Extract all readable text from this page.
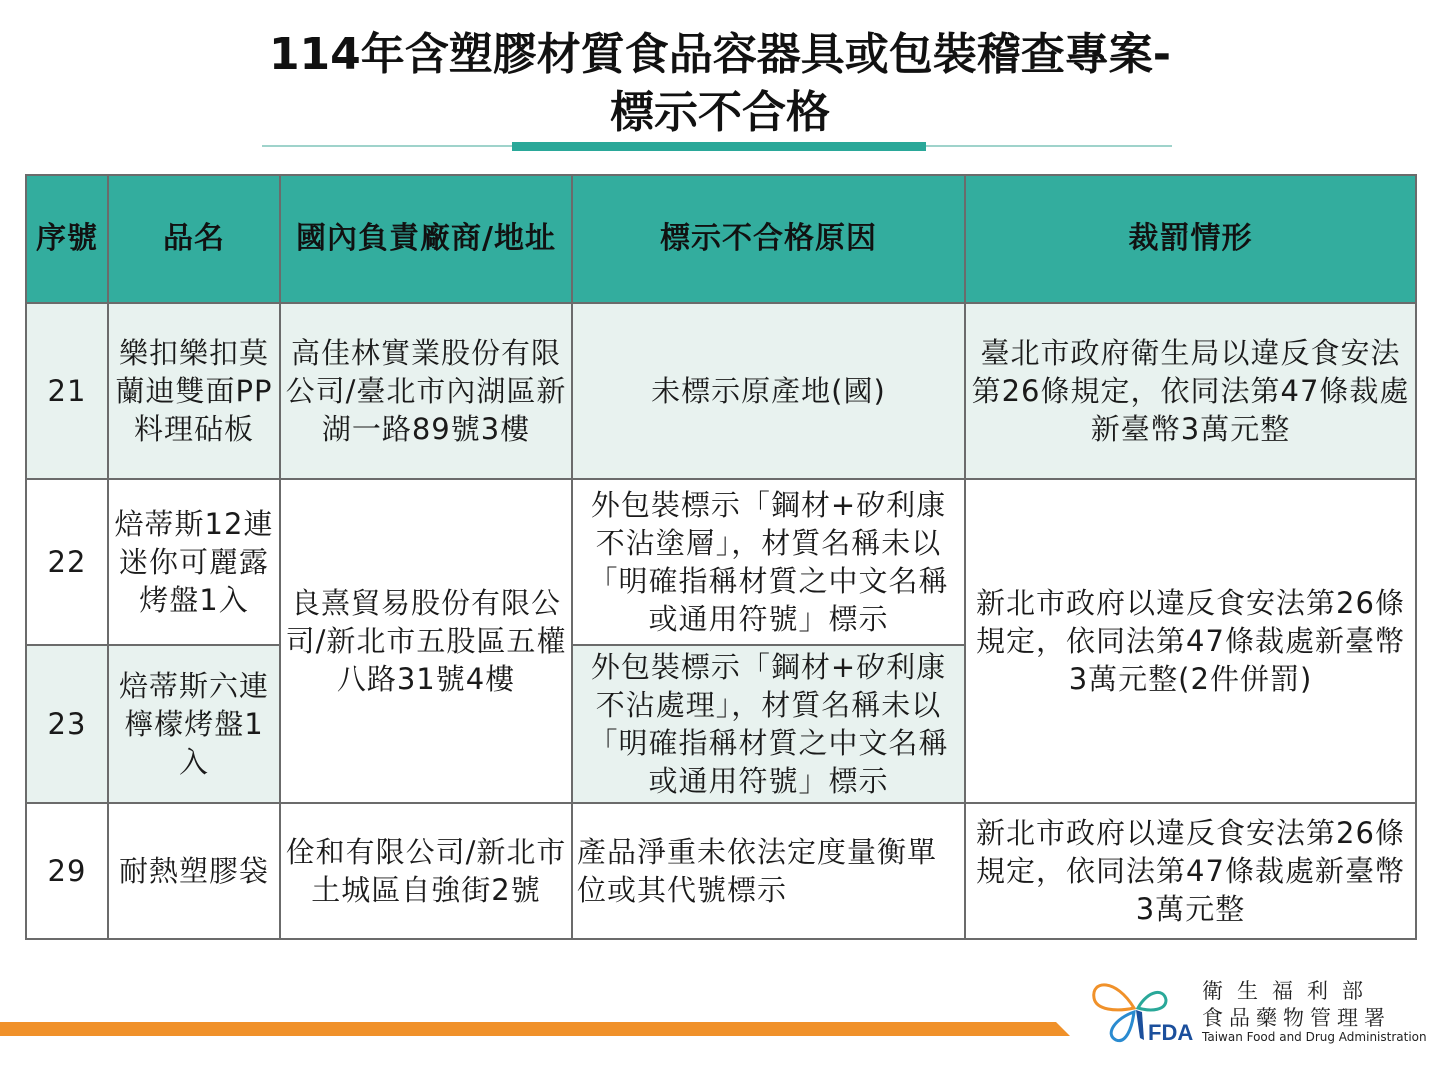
114年含塑膠材質食品容器具或包裝稽查專案-
標示不合格
序號	品名	國內負責廠商/地址	標示不合格原因	裁罰情形
21	樂扣樂扣莫蘭迪雙面PP料理砧板	高佳林實業股份有限公司/臺北市內湖區新湖一路89號3樓	未標示原產地(國)	臺北市政府衛生局以違反食安法第26條規定，依同法第47條裁處新臺幣3萬元整
22	焙蒂斯12連迷你可麗露烤盤1入	良熹貿易股份有限公司/新北市五股區五權八路31號4樓	外包裝標示「鋼材+矽利康不沾塗層」，材質名稱未以「明確指稱材質之中文名稱或通用符號」標示	新北市政府以違反食安法第26條規定，依同法第47條裁處新臺幣3萬元整(2件併罰)
23	焙蒂斯六連檸檬烤盤1入		外包裝標示「鋼材+矽利康不沾處理」，材質名稱未以「明確指稱材質之中文名稱或通用符號」標示	
29	耐熱塑膠袋	佺和有限公司/新北市土城區自強街2號	產品淨重未依法定度量衡單位或其代號標示	新北市政府以違反食安法第26條規定，依同法第47條裁處新臺幣3萬元整
FDA
衛生福利部
食品藥物管理署
Taiwan Food and Drug Administration
